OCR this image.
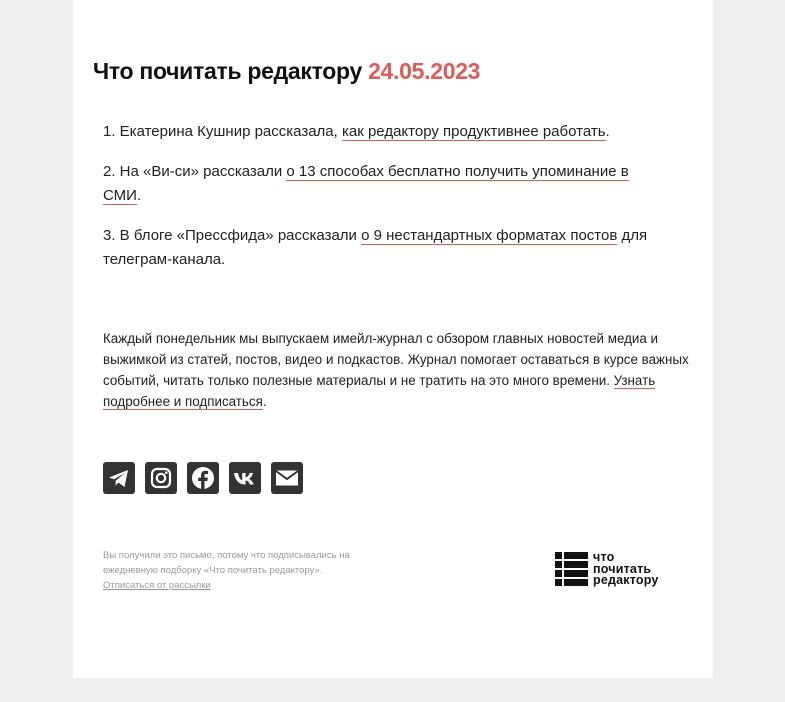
Что почитать редактору 24.05.2023

1. Екатерина Кушнир рассказала, как редактору продуктивнее работать.

2. На «Ви-си» рассказали о 13 способах бесплатно получить упоминание в СМИ.

3. В блоге «Прессфида» рассказали о 9 нестандартных форматах постов для телеграм-канала.

Каждый понедельник мы выпускаем имейл-журнал с обзором главных новостей медиа и выжимкой из статей, постов, видео и подкастов. Журнал помогает оставаться в курсе важных событий, читать только полезные материалы и не тратить на это много времени. Узнать подробнее и подписаться.

Вы получили это письмо, потому что подписывались на ежедневную подборку «Что почитать редактору».
Отписаться от рассылки
что
почитать
редактору
